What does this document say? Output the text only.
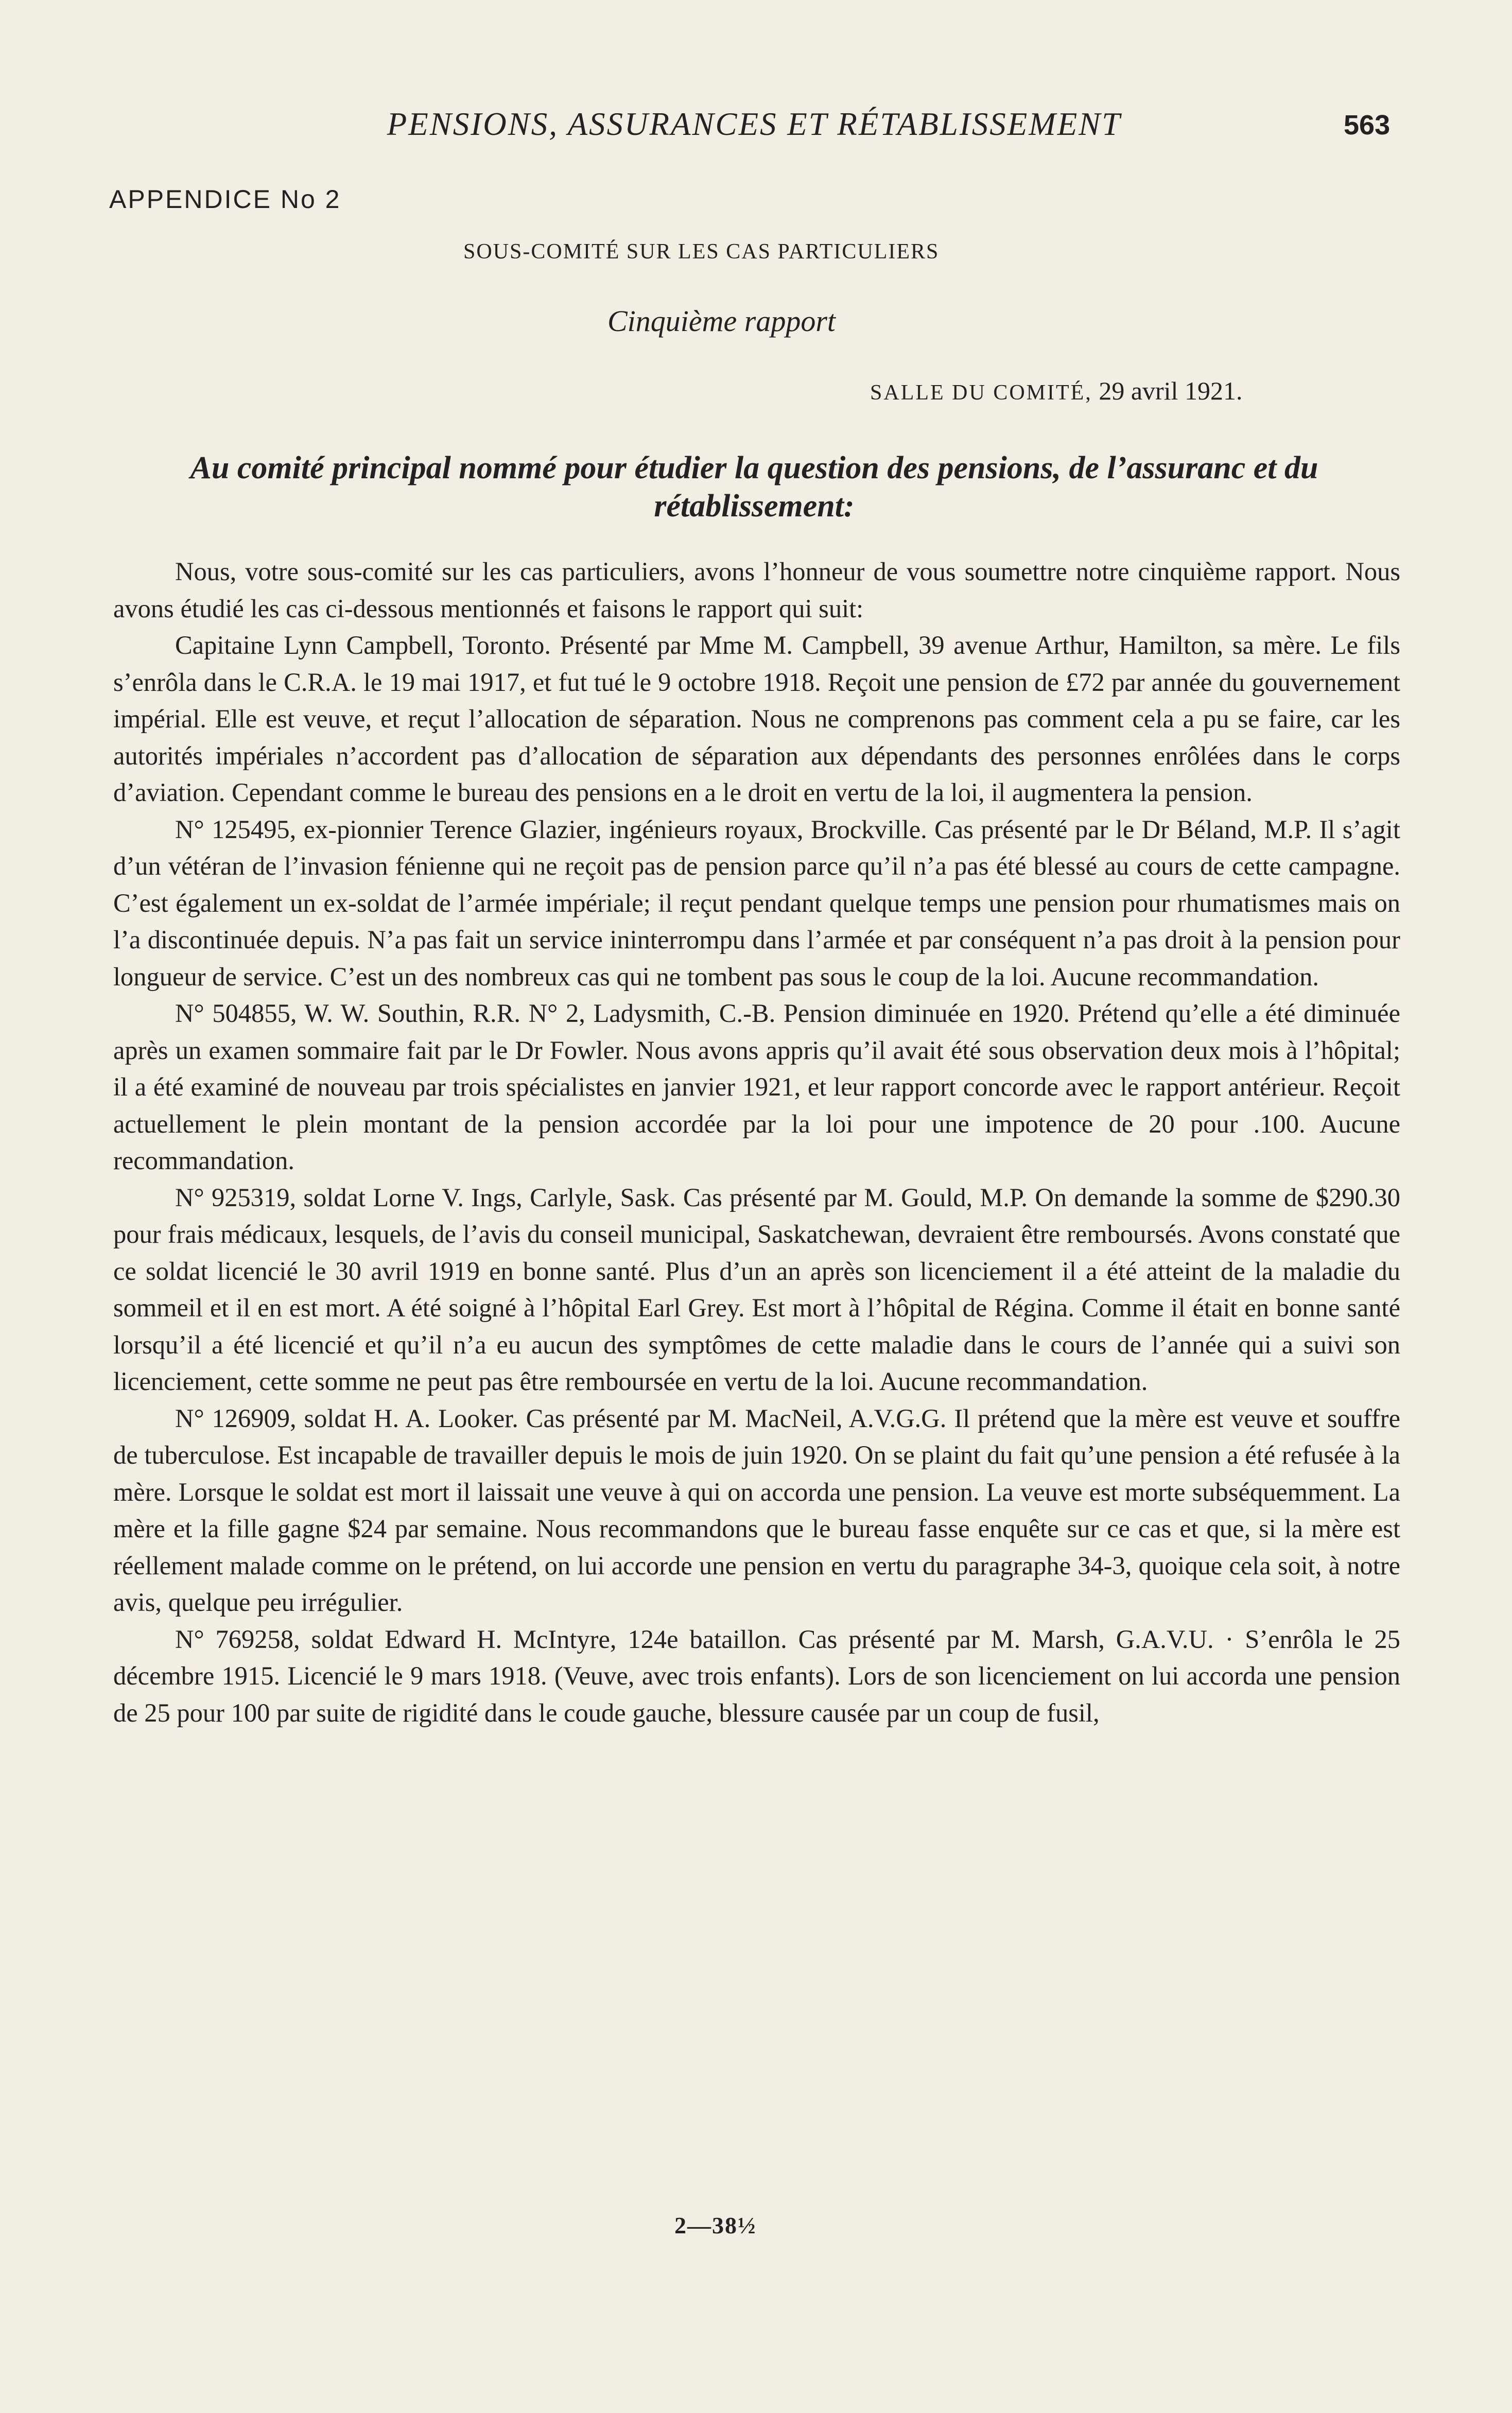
PENSIONS, ASSURANCES ET RÉTABLISSEMENT	563
APPENDICE No 2
SOUS-COMITÉ SUR LES CAS PARTICULIERS
Cinquième rapport
SALLE DU COMITÉ, 29 avril 1921.
Au comité principal nommé pour étudier la question des pensions, de l’assuranc et du rétablissement:

Nous, votre sous-comité sur les cas particuliers, avons l’honneur de vous soumettre notre cinquième rapport. Nous avons étudié les cas ci-dessous mentionnés et faisons le rapport qui suit:

Capitaine Lynn Campbell, Toronto. Présenté par Mme M. Campbell, 39 avenue Arthur, Hamilton, sa mère. Le fils s’enrôla dans le C.R.A. le 19 mai 1917, et fut tué le 9 octobre 1918. Reçoit une pension de £72 par année du gouvernement impérial. Elle est veuve, et reçut l’allocation de séparation. Nous ne comprenons pas comment cela a pu se faire, car les autorités impériales n’accordent pas d’allocation de séparation aux dépendants des personnes enrôlées dans le corps d’aviation. Cependant comme le bureau des pensions en a le droit en vertu de la loi, il augmentera la pension.

N° 125495, ex-pionnier Terence Glazier, ingénieurs royaux, Brockville. Cas présenté par le Dr Béland, M.P. Il s’agit d’un vétéran de l’invasion fénienne qui ne reçoit pas de pension parce qu’il n’a pas été blessé au cours de cette campagne. C’est également un ex-soldat de l’armée impériale; il reçut pendant quelque temps une pension pour rhumatismes mais on l’a discontinuée depuis. N’a pas fait un service ininterrompu dans l’armée et par conséquent n’a pas droit à la pension pour longueur de service. C’est un des nombreux cas qui ne tombent pas sous le coup de la loi. Aucune recommandation.

N° 504855, W. W. Southin, R.R. N° 2, Ladysmith, C.-B. Pension diminuée en 1920. Prétend qu’elle a été diminuée après un examen sommaire fait par le Dr Fowler. Nous avons appris qu’il avait été sous observation deux mois à l’hôpital; il a été examiné de nouveau par trois spécialistes en janvier 1921, et leur rapport concorde avec le rapport antérieur. Reçoit actuellement le plein montant de la pension accordée par la loi pour une impotence de 20 pour .100. Aucune recommandation.

N° 925319, soldat Lorne V. Ings, Carlyle, Sask. Cas présenté par M. Gould, M.P. On demande la somme de $290.30 pour frais médicaux, lesquels, de l’avis du conseil municipal, Saskatchewan, devraient être remboursés. Avons constaté que ce soldat licencié le 30 avril 1919 en bonne santé. Plus d’un an après son licenciement il a été atteint de la maladie du sommeil et il en est mort. A été soigné à l’hôpital Earl Grey. Est mort à l’hôpital de Régina. Comme il était en bonne santé lorsqu’il a été licencié et qu’il n’a eu aucun des symptômes de cette maladie dans le cours de l’année qui a suivi son licenciement, cette somme ne peut pas être remboursée en vertu de la loi. Aucune recommandation.

N° 126909, soldat H. A. Looker. Cas présenté par M. MacNeil, A.V.G.G. Il prétend que la mère est veuve et souffre de tuberculose. Est incapable de travailler depuis le mois de juin 1920. On se plaint du fait qu’une pension a été refusée à la mère. Lorsque le soldat est mort il laissait une veuve à qui on accorda une pension. La veuve est morte subséquemment. La mère et la fille gagne $24 par semaine. Nous recommandons que le bureau fasse enquête sur ce cas et que, si la mère est réellement malade comme on le prétend, on lui accorde une pension en vertu du paragraphe 34-3, quoique cela soit, à notre avis, quelque peu irrégulier.

N° 769258, soldat Edward H. McIntyre, 124e bataillon. Cas présenté par M. Marsh, G.A.V.U. · S’enrôla le 25 décembre 1915. Licencié le 9 mars 1918. (Veuve, avec trois enfants). Lors de son licenciement on lui accorda une pension de 25 pour 100 par suite de rigidité dans le coude gauche, blessure causée par un coup de fusil,

2—38½
